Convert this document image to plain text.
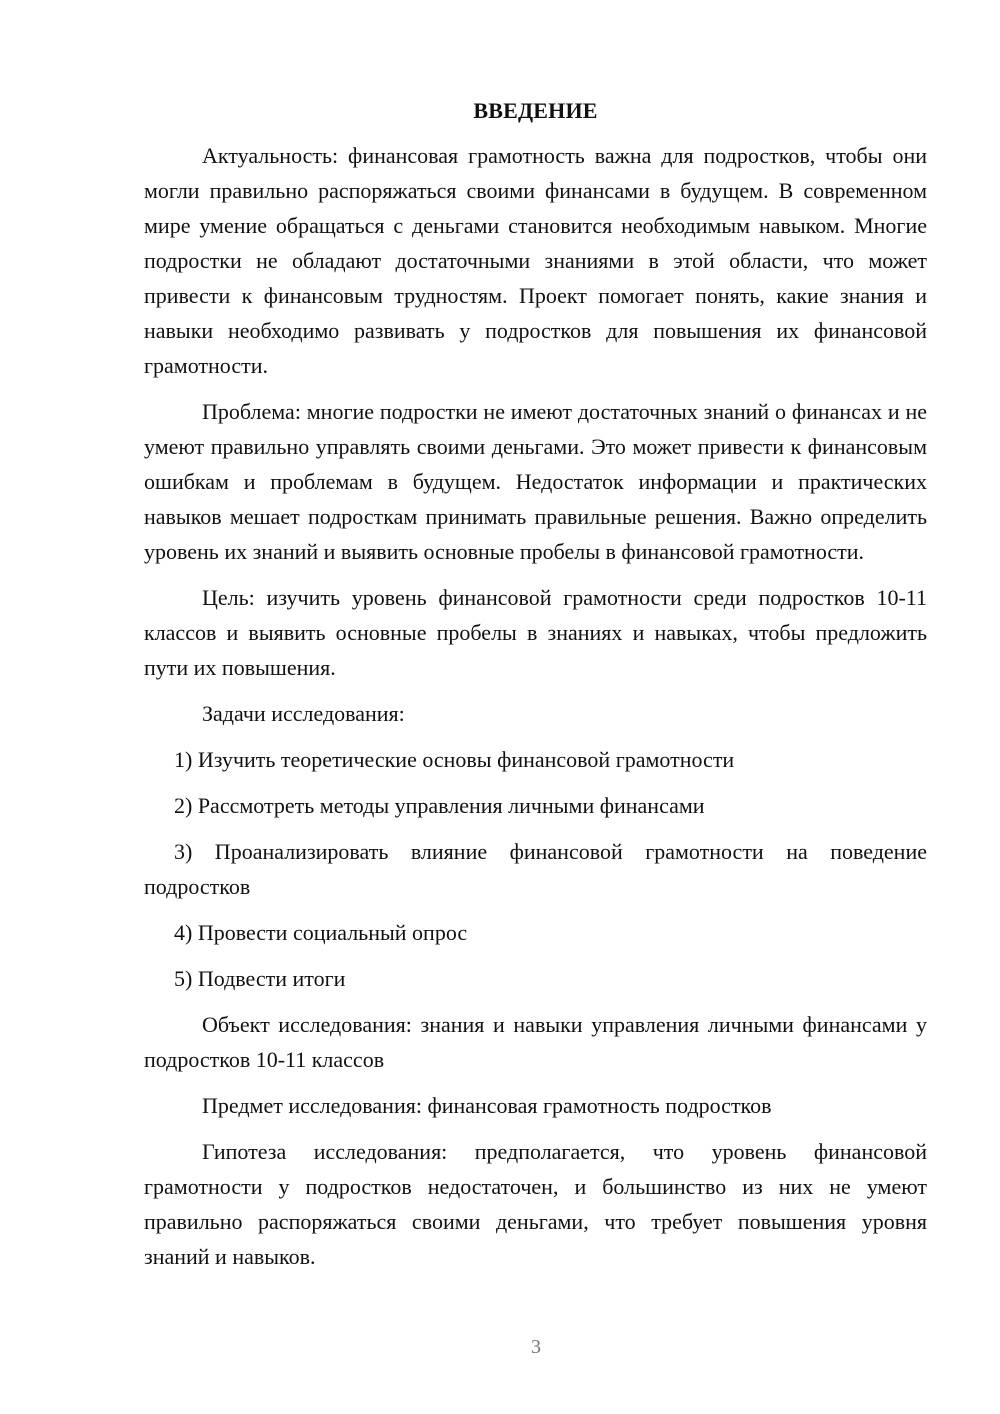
ВВЕДЕНИЕ

Актуальность: финансовая грамотность важна для подростков, чтобы они могли правильно распоряжаться своими финансами в будущем. В современном мире умение обращаться с деньгами становится необходимым навыком. Многие подростки не обладают достаточными знаниями в этой области, что может привести к финансовым трудностям. Проект помогает понять, какие знания и навыки необходимо развивать у подростков для повышения их финансовой грамотности.

Проблема: многие подростки не имеют достаточных знаний о финансах и не умеют правильно управлять своими деньгами. Это может привести к финансовым ошибкам и проблемам в будущем. Недостаток информации и практических навыков мешает подросткам принимать правильные решения. Важно определить уровень их знаний и выявить основные пробелы в финансовой грамотности.

Цель: изучить уровень финансовой грамотности среди подростков 10-11 классов и выявить основные пробелы в знаниях и навыках, чтобы предложить пути их повышения.

Задачи исследования:

1) Изучить теоретические основы финансовой грамотности

2) Рассмотреть методы управления личными финансами

3) Проанализировать влияние финансовой грамотности на поведение подростков

4) Провести социальный опрос

5) Подвести итоги

Объект исследования: знания и навыки управления личными финансами у подростков 10-11 классов

Предмет исследования: финансовая грамотность подростков

Гипотеза исследования: предполагается, что уровень финансовой грамотности у подростков недостаточен, и большинство из них не умеют правильно распоряжаться своими деньгами, что требует повышения уровня знаний и навыков.

3
